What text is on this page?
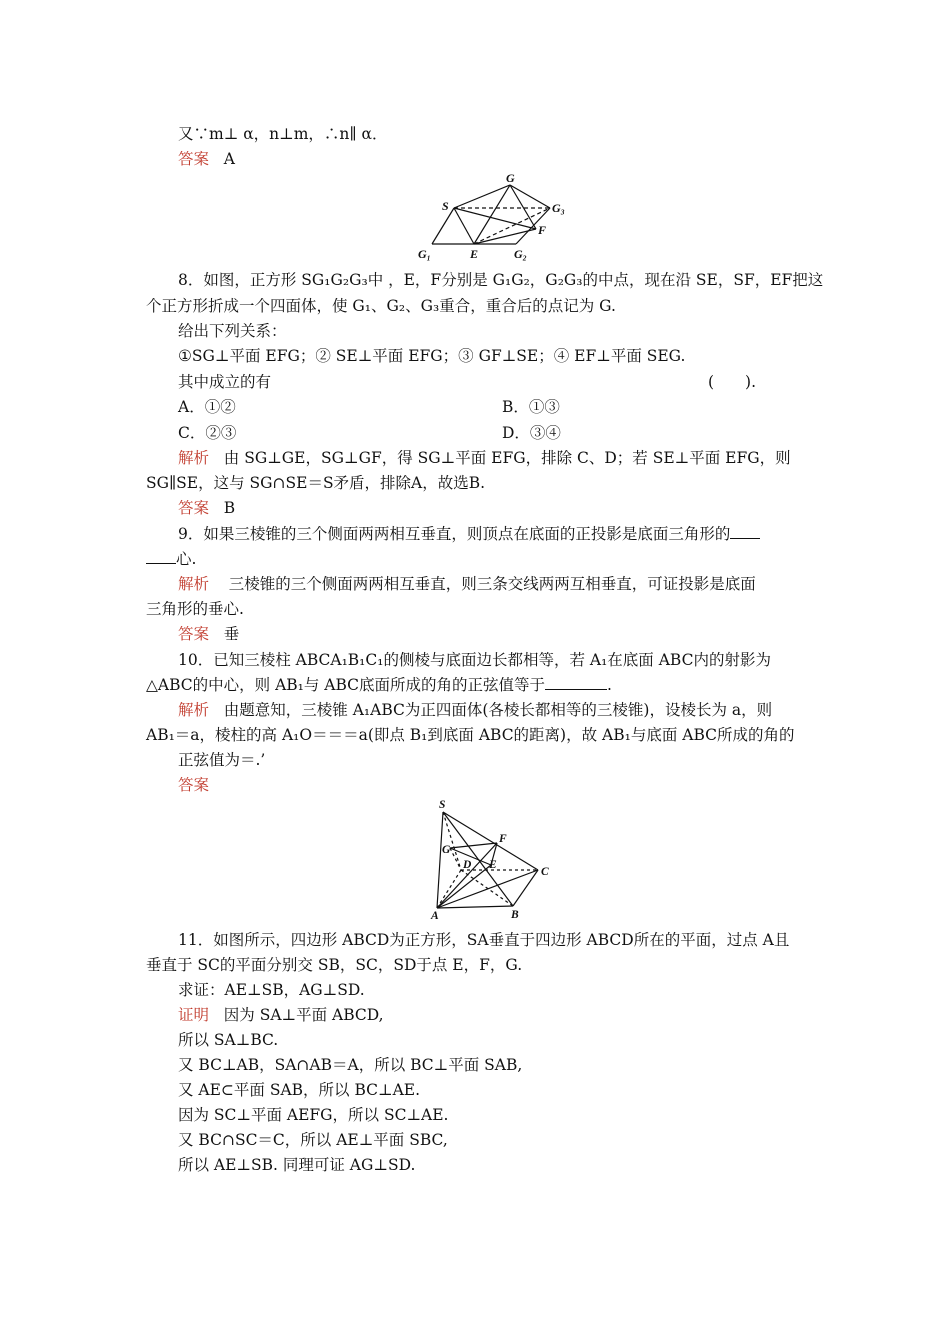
又∵m⊥ α，n⊥m，∴n∥ α．
答案 A
S
G
G₃
F
G₁	E	G₂
8．如图，正方形 SG₁G₂G₃中 ，E，F分别是 G₁G₂，G₂G₃的中点，现在沿 SE，SF，EF把这
个正方形折成一个四面体，使 G₁、G₂、G₃重合，重合后的点记为 G.
给出下列关系：
①SG⊥平面 EFG；② SE⊥平面 EFG；③ GF⊥SE；④ EF⊥平面 SEG.
其中成立的有	(　　).
A．①②	B．①③
C．②③	D．③④
解析 由 SG⊥GE，SG⊥GF，得 SG⊥平面 EFG，排除 C、D；若 SE⊥平面 EFG，则
SG∥SE，这与 SG∩SE＝S矛盾，排除A，故选B.
答案 B
9．如果三棱锥的三个侧面两两相互垂直，则顶点在底面的正投影是底面三角形的
心.
解析 三棱锥的三个侧面两两相互垂直，则三条交线两两互相垂直，可证投影是底面
三角形的垂心.
答案 垂
10．已知三棱柱 ABCA₁B₁C₁的侧棱与底面边长都相等，若 A₁在底面 ABC内的射影为
△ABC的中心，则 AB₁与 ABC底面所成的角的正弦值等于	.
解析 由题意知，三棱锥 A₁ABC为正四面体(各棱长都相等的三棱锥)，设棱长为 a，则
AB₁＝a，棱柱的高 A₁O＝＝＝a(即点 B₁到底面 ABC的距离)，故 AB₁与底面 ABC所成的角的
正弦值为＝.’
答案
S
F
G
D E
C
A	B
11．如图所示，四边形 ABCD为正方形，SA垂直于四边形 ABCD所在的平面，过点 A且
垂直于 SC的平面分别交 SB，SC，SD于点 E，F，G.
求证：AE⊥SB，AG⊥SD.
证明 因为 SA⊥平面 ABCD,
所以 SA⊥BC.
又 BC⊥AB，SA∩AB＝A，所以 BC⊥平面 SAB,
又 AE⊂平面 SAB，所以 BC⊥AE.
因为 SC⊥平面 AEFG，所以 SC⊥AE.
又 BC∩SC＝C，所以 AE⊥平面 SBC,
所以 AE⊥SB. 同理可证 AG⊥SD.
